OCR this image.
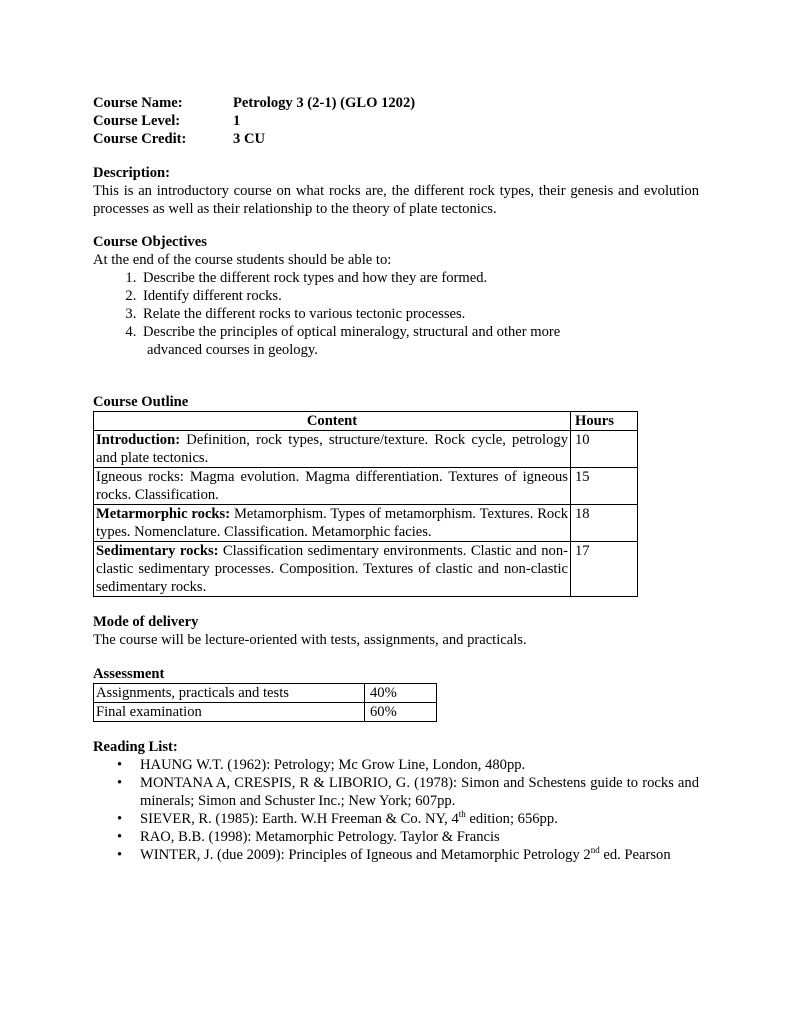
Course Name:	Petrology 3 (2-1) (GLO 1202)
Course Level:	1
Course Credit:	3 CU
Description:
This is an introductory course on what rocks are, the different rock types, their genesis and evolution processes as well as their relationship to the theory of plate tectonics.
Course Objectives
At the end of the course students should be able to:
1. Describe the different rock types and how they are formed.
2. Identify different rocks.
3. Relate the different rocks to various tectonic processes.
4. Describe the principles of optical mineralogy, structural and other more
advanced courses in geology.
Course Outline
Content	Hours
Introduction: Definition, rock types, structure/texture. Rock cycle, petrology and plate tectonics.	10
Igneous rocks: Magma evolution. Magma differentiation. Textures of igneous rocks. Classification.	15
Metarmorphic rocks: Metamorphism. Types of metamorphism. Textures. Rock types. Nomenclature. Classification. Metamorphic facies.	18
Sedimentary rocks: Classification sedimentary environments. Clastic and non-clastic sedimentary processes. Composition. Textures of clastic and non-clastic sedimentary rocks.	17
Mode of delivery
The course will be lecture-oriented with tests, assignments, and practicals.
Assessment
Assignments, practicals and tests	40%
Final examination	60%
Reading List:
• HAUNG W.T. (1962): Petrology; Mc Grow Line, London, 480pp.
• MONTANA A, CRESPIS, R & LIBORIO, G. (1978): Simon and Schestens guide to rocks and minerals; Simon and Schuster Inc.; New York; 607pp.
• SIEVER, R. (1985): Earth. W.H Freeman & Co. NY, 4th edition; 656pp.
• RAO, B.B. (1998): Metamorphic Petrology. Taylor & Francis
• WINTER, J. (due 2009): Principles of Igneous and Metamorphic Petrology 2nd ed. Pearson
